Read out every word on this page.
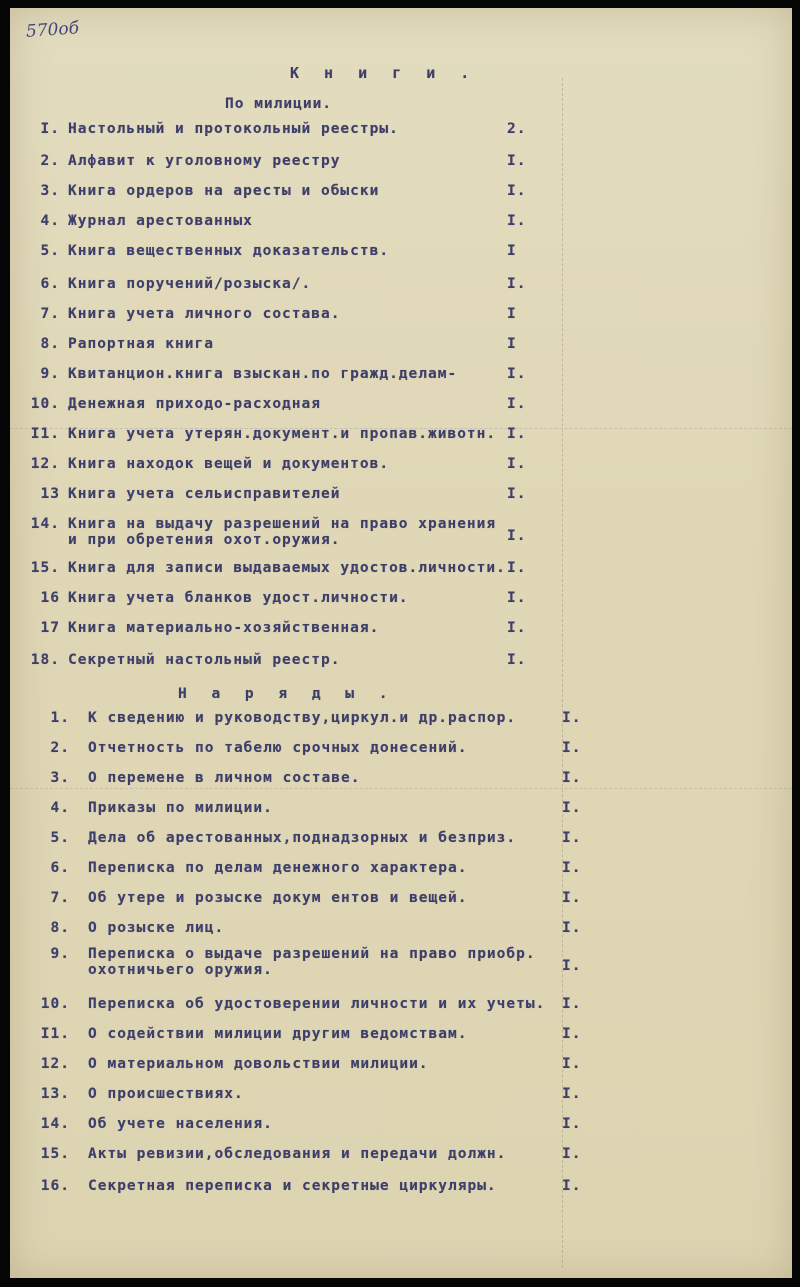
570об
К н и г и .
По милиции.
I. Настольный и протокольный реестры.	2.
2. Алфавит к уголовному реестру	I.
3. Книга ордеров на аресты и обыски	I.
4. Журнал арестованных	I.
5. Книга вещественных доказательств.	I
6. Книга поручений/розыска/.	I.
7. Книга учета личного состава.	I
8. Рапортная книга	I
9. Квитанцион.книга взыскан.по гражд.делам-	I.
10. Денежная приходо-расходная	I.
I1. Книга учета утерян.документ.и пропав.животн. I.
12. Книга находок вещей и документов.	I.
13 Книга учета сельисправителей	I.
14. Книга на выдачу разрешений на право хранения
и при обретения охот.оружия.	I.
15. Книга для записи выдаваемых удостов.личности. I.
16 Книга учета бланков удост.личности.	I.
17 Книга материально-хозяйственная.	I.
18. Секретный настольный реестр.	I.
Н а р я д ы .
1. К сведению и руководству,циркул.и др.распор.	I.
2. Отчетность по табелю срочных донесений.	I.
3. О перемене в личном составе.	I.
4. Приказы по милиции.	I.
5. Дела об арестованных,поднадзорных и безприз.	I.
6. Переписка по делам денежного характера.	I.
7. Об утере и розыске докум ентов и вещей.	I.
8. О розыске лиц.	I.
9. Переписка о выдаче разрешений на право приобр.
охотничьего оружия.	I.
10. Переписка об удостоверении личности и их учеты. I.
I1. О содействии милиции другим ведомствам.	I.
12. О материальном довольствии милиции.	I.
13. О происшествиях.	I.
14. Об учете населения.	I.
15. Акты ревизии,обследования и передачи должн.	I.
16. Секретная переписка и секретные циркуляры.	I.
